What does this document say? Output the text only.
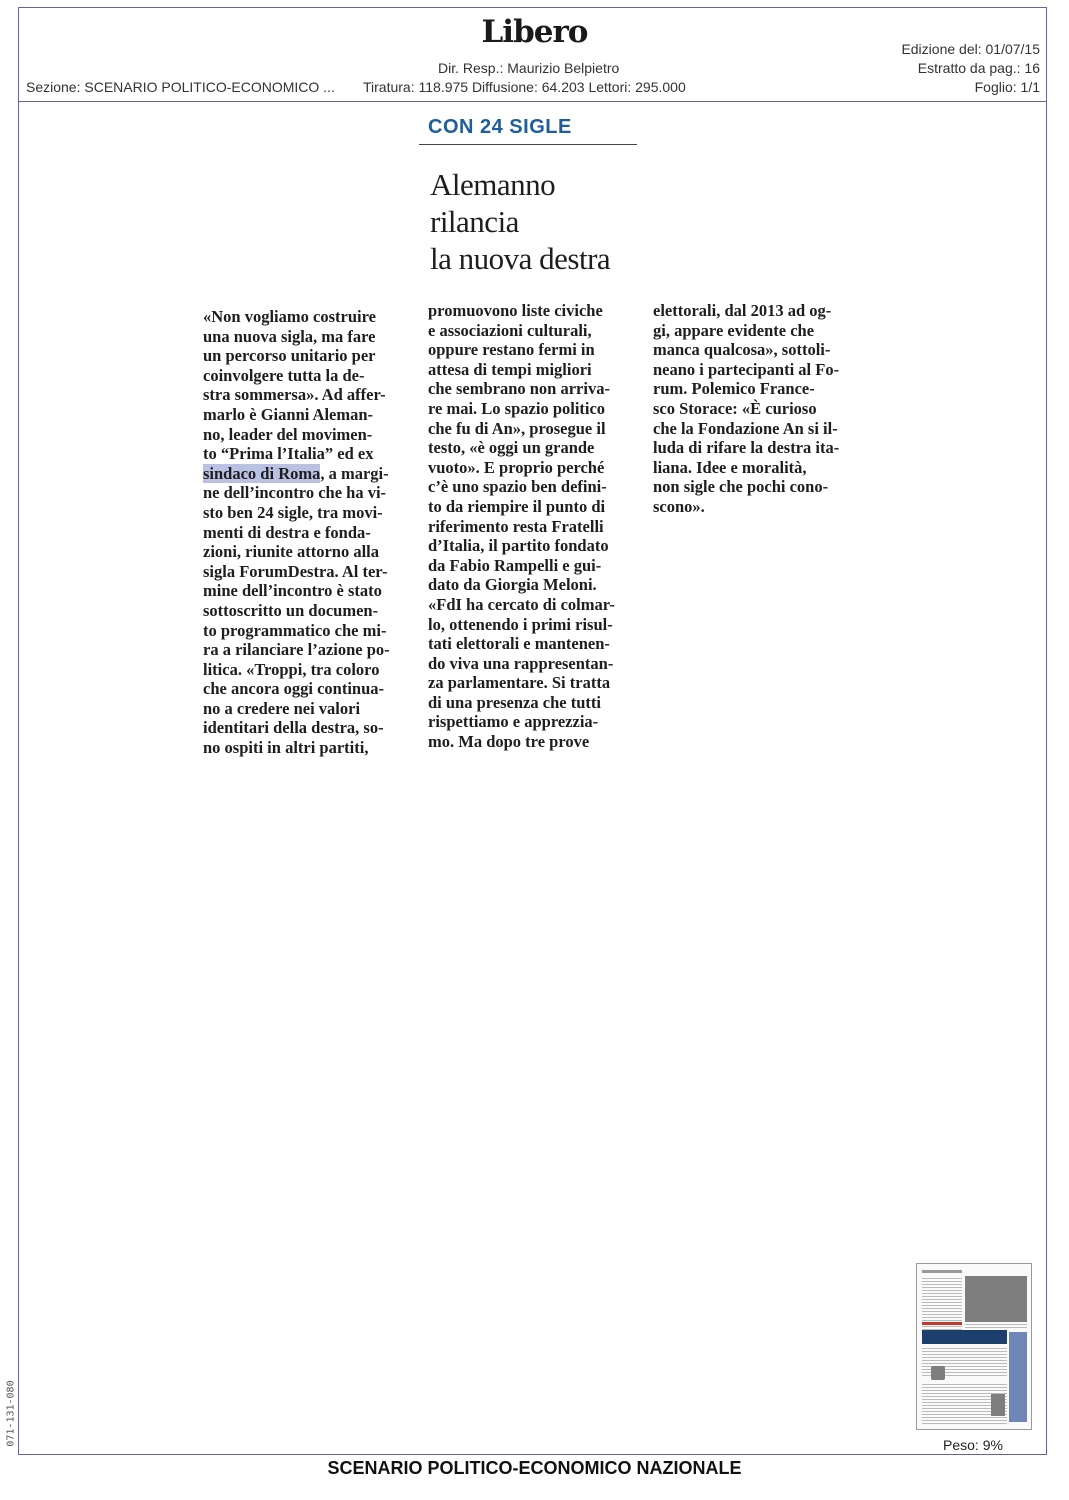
Libero
Dir. Resp.: Maurizio Belpietro
Sezione: SCENARIO POLITICO-ECONOMICO ... Tiratura: 118.975 Diffusione: 64.203 Lettori: 295.000
Edizione del: 01/07/15
Estratto da pag.: 16
Foglio: 1/1
CON 24 SIGLE
Alemanno
rilancia
la nuova destra
«Non vogliamo costruire
una nuova sigla, ma fare
un percorso unitario per
coinvolgere tutta la de-
stra sommersa». Ad affer-
marlo è Gianni Aleman-
no, leader del movimen-
to “Prima l’Italia” ed ex
sindaco di Roma, a margi-
ne dell’incontro che ha vi-
sto ben 24 sigle, tra movi-
menti di destra e fonda-
zioni, riunite attorno alla
sigla ForumDestra. Al ter-
mine dell’incontro è stato
sottoscritto un documen-
to programmatico che mi-
ra a rilanciare l’azione po-
litica. «Troppi, tra coloro
che ancora oggi continua-
no a credere nei valori
identitari della destra, so-
no ospiti in altri partiti,
promuovono liste civiche
e associazioni culturali,
oppure restano fermi in
attesa di tempi migliori
che sembrano non arriva-
re mai. Lo spazio politico
che fu di An», prosegue il
testo, «è oggi un grande
vuoto». E proprio perché
c’è uno spazio ben defini-
to da riempire il punto di
riferimento resta Fratelli
d’Italia, il partito fondato
da Fabio Rampelli e gui-
dato da Giorgia Meloni.
«FdI ha cercato di colmar-
lo, ottenendo i primi risul-
tati elettorali e mantenen-
do viva una rappresentan-
za parlamentare. Si tratta
di una presenza che tutti
rispettiamo e apprezzia-
mo. Ma dopo tre prove
elettorali, dal 2013 ad og-
gi, appare evidente che
manca qualcosa», sottoli-
neano i partecipanti al Fo-
rum. Polemico France-
sco Storace: «È curioso
che la Fondazione An si il-
luda di rifare la destra ita-
liana. Idee e moralità,
non sigle che pochi cono-
scono».
Peso: 9%
SCENARIO POLITICO-ECONOMICO NAZIONALE
071-131-080
